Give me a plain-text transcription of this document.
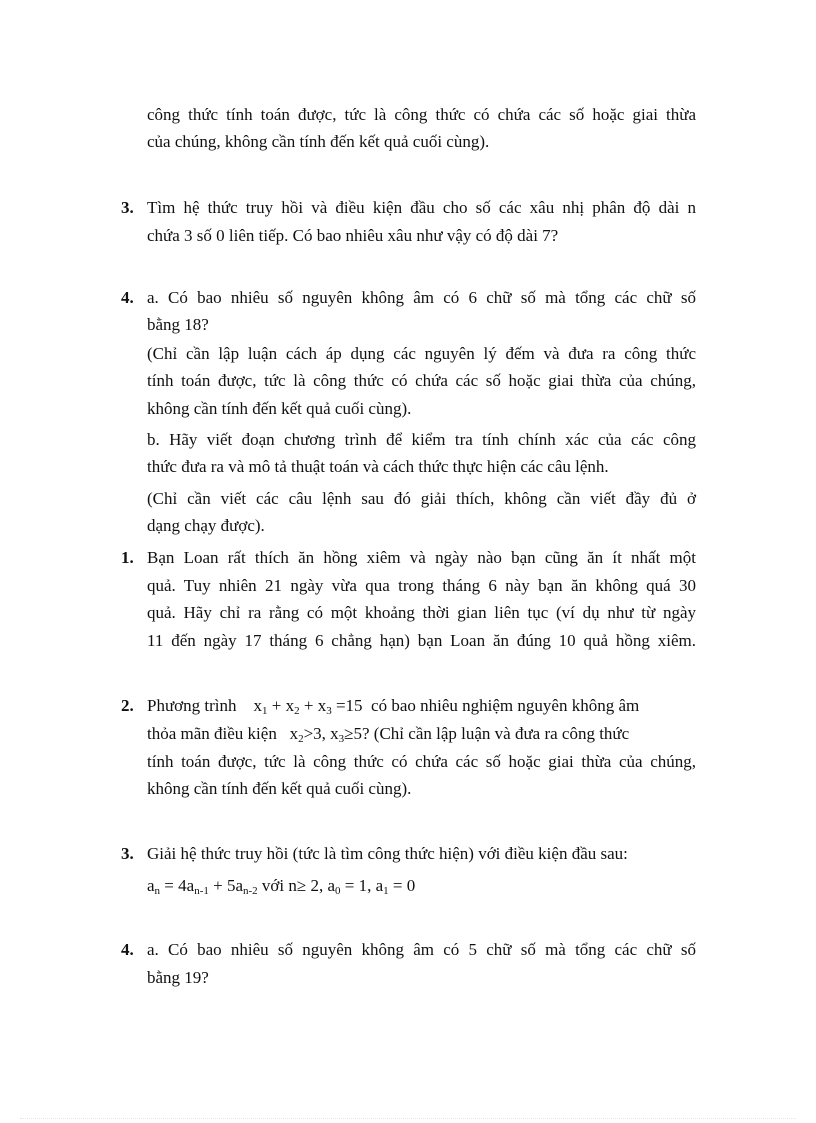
công thức tính toán được, tức là công thức có chứa các số hoặc giai thừa
của chúng, không cần tính đến kết quả cuối cùng).
3. Tìm hệ thức truy hồi và điều kiện đầu cho số các xâu nhị phân độ dài n
chứa 3 số 0 liên tiếp. Có bao nhiêu xâu như vậy có độ dài 7?
4. a. Có bao nhiêu số nguyên không âm có 6 chữ số mà tổng các chữ số
bằng 18?
(Chỉ cần lập luận cách áp dụng các nguyên lý đếm và đưa ra công thức
tính toán được, tức là công thức có chứa các số hoặc giai thừa của chúng,
không cần tính đến kết quả cuối cùng).
b. Hãy viết đoạn chương trình để kiểm tra tính chính xác của các công
thức đưa ra và mô tả thuật toán và cách thức thực hiện các câu lệnh.
(Chỉ cần viết các câu lệnh sau đó giải thích, không cần viết đầy đủ ở
dạng chạy được).
1. Bạn Loan rất thích ăn hồng xiêm và ngày nào bạn cũng ăn ít nhất một
quả. Tuy nhiên 21 ngày vừa qua trong tháng 6 này bạn ăn không quá 30
quả. Hãy chỉ ra rằng có một khoảng thời gian liên tục (ví dụ như từ ngày
11 đến ngày 17 tháng 6 chẳng hạn) bạn Loan ăn đúng 10 quả hồng xiêm.
2. Phương trình $x_1 + x_2 + x_3 =15$ có bao nhiêu nghiệm nguyên không âm
thỏa mãn điều kiện $x_2>3$, $x_3\ge 5$? (Chỉ cần lập luận và đưa ra công thức
tính toán được, tức là công thức có chứa các số hoặc giai thừa của chúng,
không cần tính đến kết quả cuối cùng).
3. Giải hệ thức truy hồi (tức là tìm công thức hiện) với điều kiện đầu sau:
$a_n = 4a_{n-1} + 5a_{n-2}$ với n≥ 2, $a_0 = 1$, $a_1 = 0$
4. a. Có bao nhiêu số nguyên không âm có 5 chữ số mà tổng các chữ số
bằng 19?
